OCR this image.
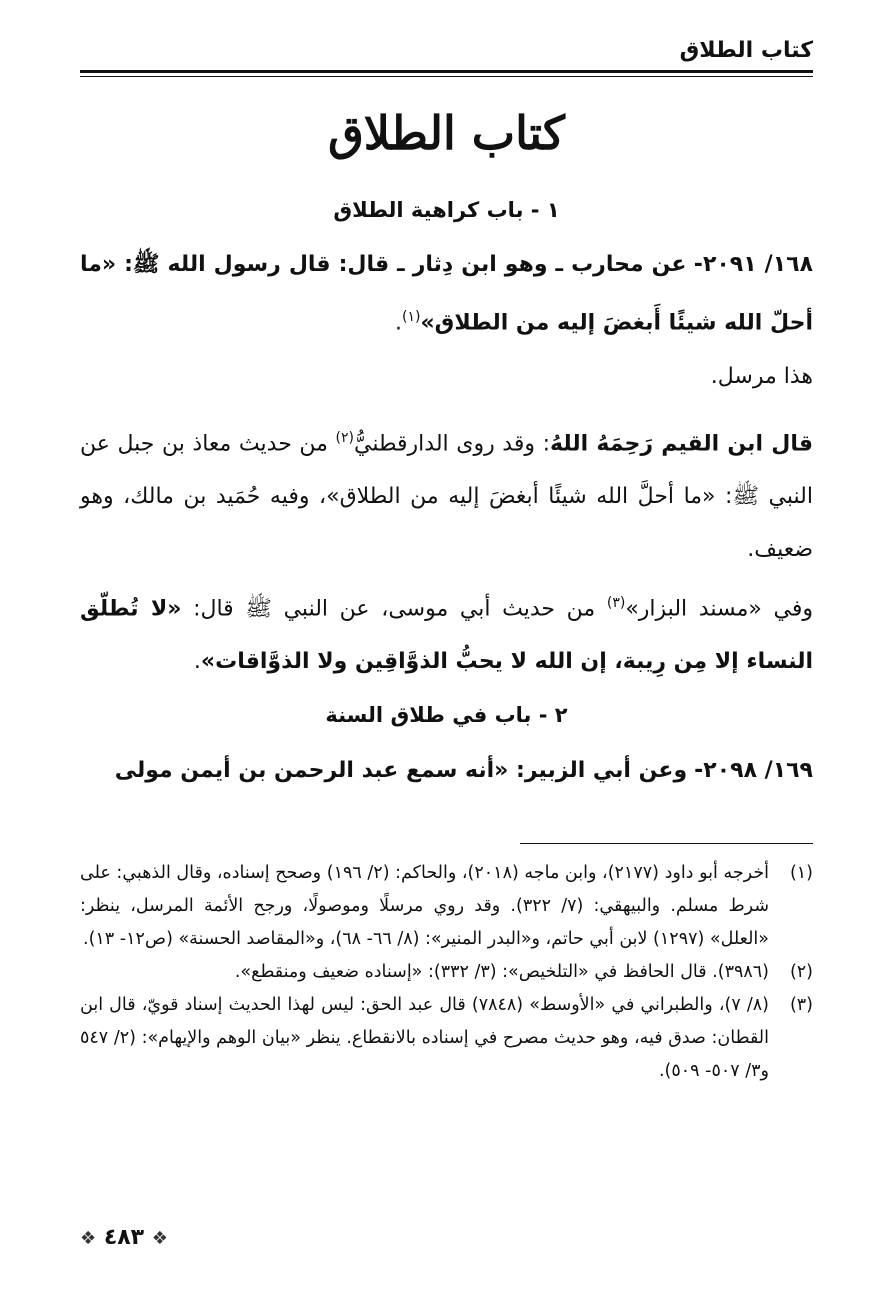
كتاب الطلاق
كتاب الطلاق
١ - باب كراهية الطلاق
١٦٨/ ٢٠٩١- عن محارب ـ وهو ابن دِثار ـ قال: قال رسول الله ﷺ: «ما أحلّ الله شيئًا أَبغضَ إليه من الطلاق»$^{(١)}$.
هذا مرسل.
قال ابن القيم رَحِمَهُ اللهُ: وقد روى الدارقطنيُّ$^{(٢)}$ من حديث معاذ بن جبل عن النبي ﷺ: «ما أحلَّ الله شيئًا أبغضَ إليه من الطلاق»، وفيه حُمَيد بن مالك، وهو ضعيف.
وفي «مسند البزار»$^{(٣)}$ من حديث أبي موسى، عن النبي ﷺ قال: «لا تُطلّق النساء إلا مِن رِيبة، إن الله لا يحبُّ الذوَّاقِين ولا الذوَّاقات».
٢ - باب في طلاق السنة
١٦٩/ ٢٠٩٨- وعن أبي الزبير: «أنه سمع عبد الرحمن بن أيمن مولى
(١)
أخرجه أبو داود (٢١٧٧)، وابن ماجه (٢٠١٨)، والحاكم: (٢/ ١٩٦) وصحح إسناده، وقال الذهبي: على شرط مسلم. والبيهقي: (٧/ ٣٢٢). وقد روي مرسلًا وموصولًا، ورجح الأئمة المرسل، ينظر: «العلل» (١٢٩٧) لابن أبي حاتم، و«البدر المنير»: (٨/ ٦٦- ٦٨)، و«المقاصد الحسنة» (ص١٢- ١٣).
(٢)
(٣٩٨٦). قال الحافظ في «التلخيص»: (٣/ ٣٣٢): «إسناده ضعيف ومنقطع».
(٣)
(٨/ ٧)، والطبراني في «الأوسط» (٧٨٤٨) قال عبد الحق: ليس لهذا الحديث إسناد قويّ، قال ابن القطان: صدق فيه، وهو حديث مصرح في إسناده بالانقطاع. ينظر «بيان الوهم والإيهام»: (٢/ ٥٤٧ و٣/ ٥٠٧- ٥٠٩).
❖ ٤٨٣ ❖
